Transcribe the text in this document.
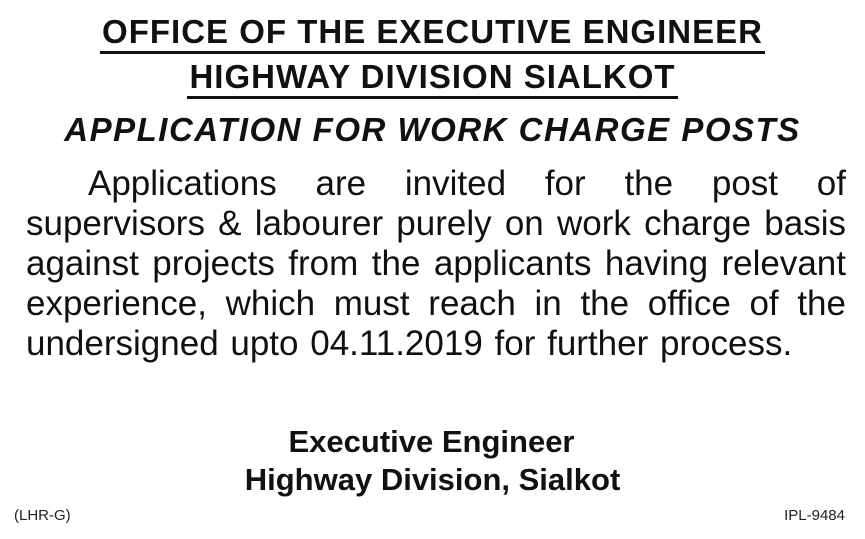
OFFICE OF THE EXECUTIVE ENGINEER
HIGHWAY DIVISION SIALKOT
APPLICATION FOR WORK CHARGE POSTS
Applications are invited for the post of supervisors & labourer purely on work charge basis against projects from the applicants having relevant experience, which must reach in the office of the undersigned upto 04.11.2019 for further process.
Executive Engineer
Highway Division, Sialkot
(LHR-G)	IPL-9484
